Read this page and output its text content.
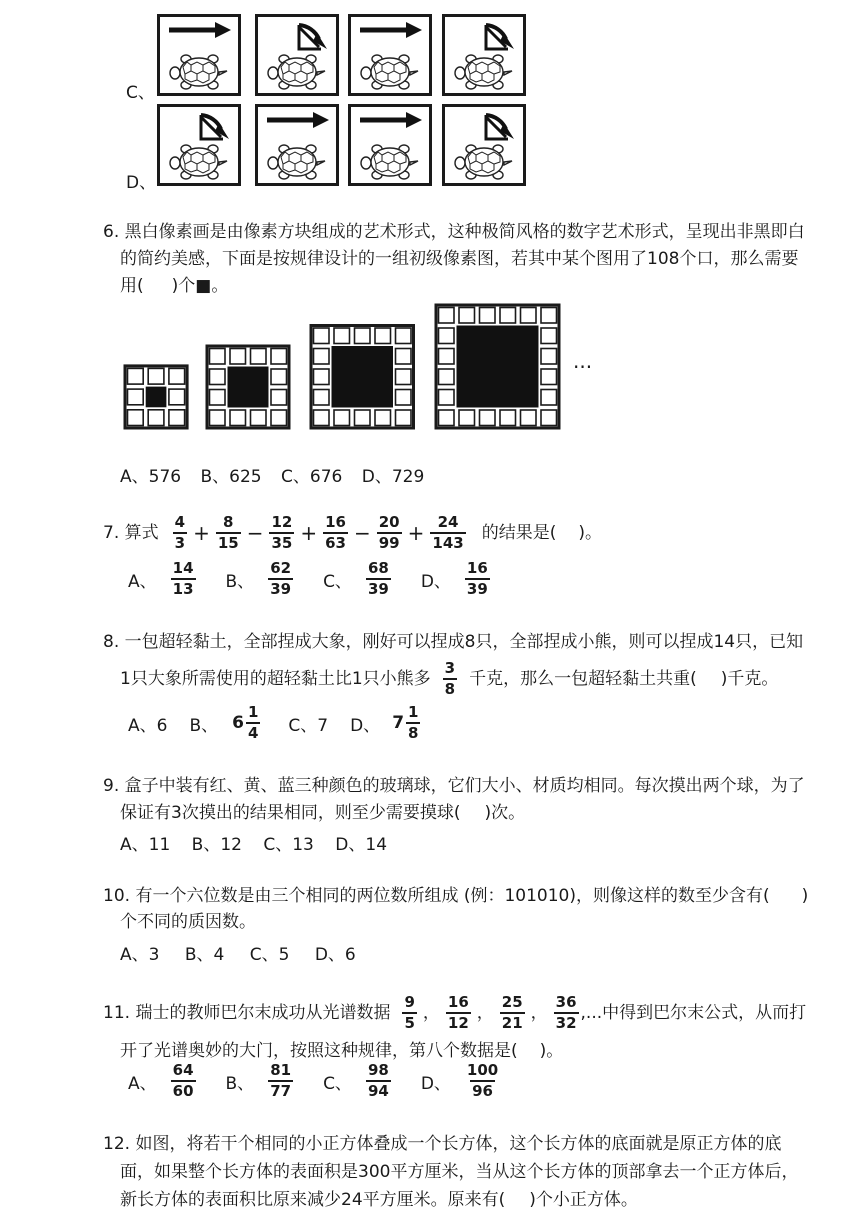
C、
D、
6. 黑白像素画是由像素方块组成的艺术形式，这种极简风格的数字艺术形式，呈现出非黑即白
的简约美感，下面是按规律设计的一组初级像素图，若其中某个图用了108个口，那么需要
用( )个■。
···
A、576 B、625 C、676 D、729
7. 算式 $\frac{4}{3} + \frac{8}{15} - \frac{12}{35} + \frac{16}{63} - \frac{20}{99} + \frac{24}{143}$ 的结果是( )。
A、 $\frac{14}{13}$ B、 $\frac{62}{39}$ C、 $\frac{68}{39}$ D、 $\frac{16}{39}$
8. 一包超轻黏土，全部捏成大象，刚好可以捏成8只，全部捏成小熊，则可以捏成14只，已知
1只大象所需使用的超轻黏土比1只小熊多 $\frac{3}{8}$ 千克，那么一包超轻黏土共重( )千克。
A、6 B、 $6 \frac{1}{4}$ C、7 D、 $7 \frac{1}{8}$
9. 盒子中装有红、黄、蓝三种颜色的玻璃球，它们大小、材质均相同。每次摸出两个球，为了
保证有3次摸出的结果相同，则至少需要摸球( )次。
A、11 B、12 C、13 D、14
10. 有一个六位数是由三个相同的两位数所组成 (例：101010)，则像这样的数至少含有( )
个不同的质因数。
A、3 B、4 C、5 D、6
11. 瑞士的教师巴尔末成功从光谱数据 $\frac{9}{5}$ ， $\frac{16}{12}$ ， $\frac{25}{21}$ ， $\frac{36}{32}$ ,...中得到巴尔末公式，从而打
开了光谱奥妙的大门，按照这种规律，第八个数据是( )。
A、 $\frac{64}{60}$ B、 $\frac{81}{77}$ C、 $\frac{98}{94}$ D、 $\frac{100}{96}$
12. 如图，将若干个相同的小正方体叠成一个长方体，这个长方体的底面就是原正方体的底
面，如果整个长方体的表面积是300平方厘米，当从这个长方体的顶部拿去一个正方体后，
新长方体的表面积比原来减少24平方厘米。原来有( )个小正方体。
